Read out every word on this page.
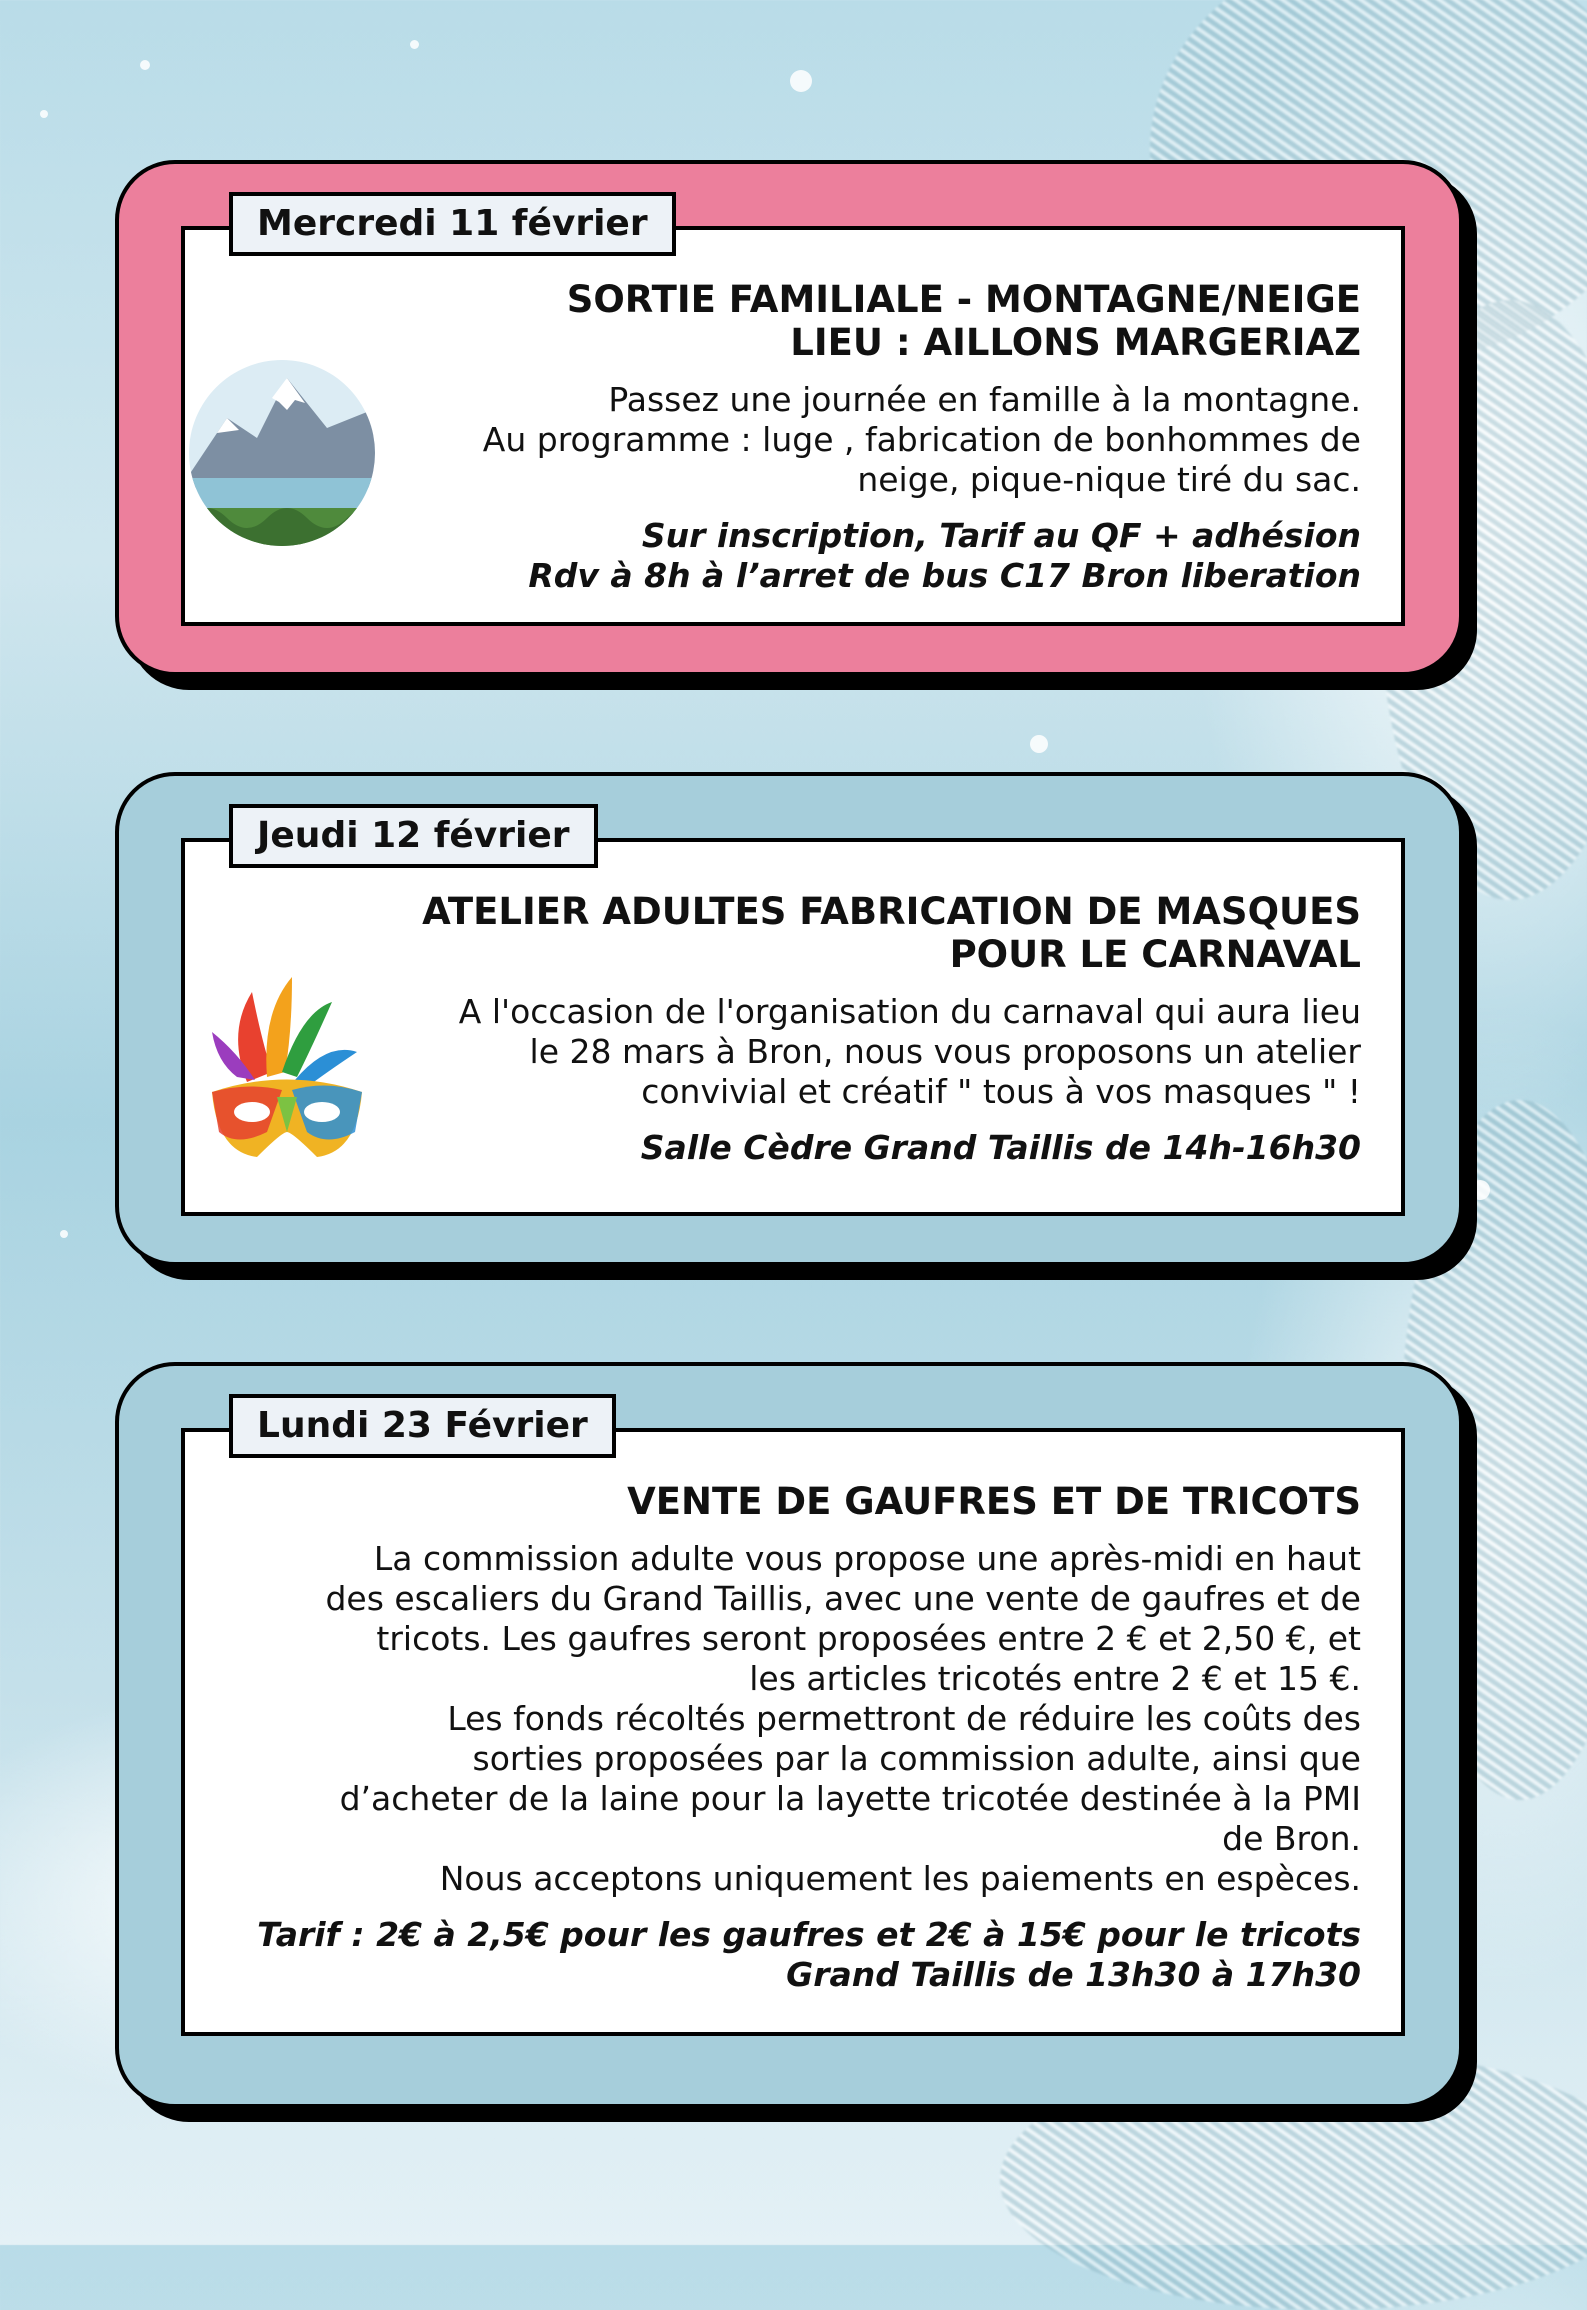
SORTIE FAMILIALE - MONTAGNE/NEIGE
LIEU : AILLONS MARGERIAZ
Passez une journée en famille à la montagne.
Au programme : luge , fabrication de bonhommes de
neige, pique-nique tiré du sac.
Sur inscription, Tarif au QF + adhésion
Rdv à 8h à l’arret de bus C17 Bron liberation
Mercredi 11 février
ATELIER ADULTES FABRICATION DE MASQUES
POUR LE CARNAVAL
A l'occasion de l'organisation du carnaval qui aura lieu
le 28 mars à Bron, nous vous proposons un atelier
convivial et créatif " tous à vos masques " !
Salle Cèdre Grand Taillis de 14h-16h30
Jeudi 12 février
VENTE DE GAUFRES ET DE TRICOTS
La commission adulte vous propose une après-midi en haut
des escaliers du Grand Taillis, avec une vente de gaufres et de
tricots. Les gaufres seront proposées entre 2 € et 2,50 €, et
les articles tricotés entre 2 € et 15 €.
Les fonds récoltés permettront de réduire les coûts des
sorties proposées par la commission adulte, ainsi que
d’acheter de la laine pour la layette tricotée destinée à la PMI
de Bron.
Nous acceptons uniquement les paiements en espèces.
Tarif : 2€ à 2,5€ pour les gaufres et 2€ à 15€ pour le tricots
Grand Taillis de 13h30 à 17h30
Lundi 23 Février
